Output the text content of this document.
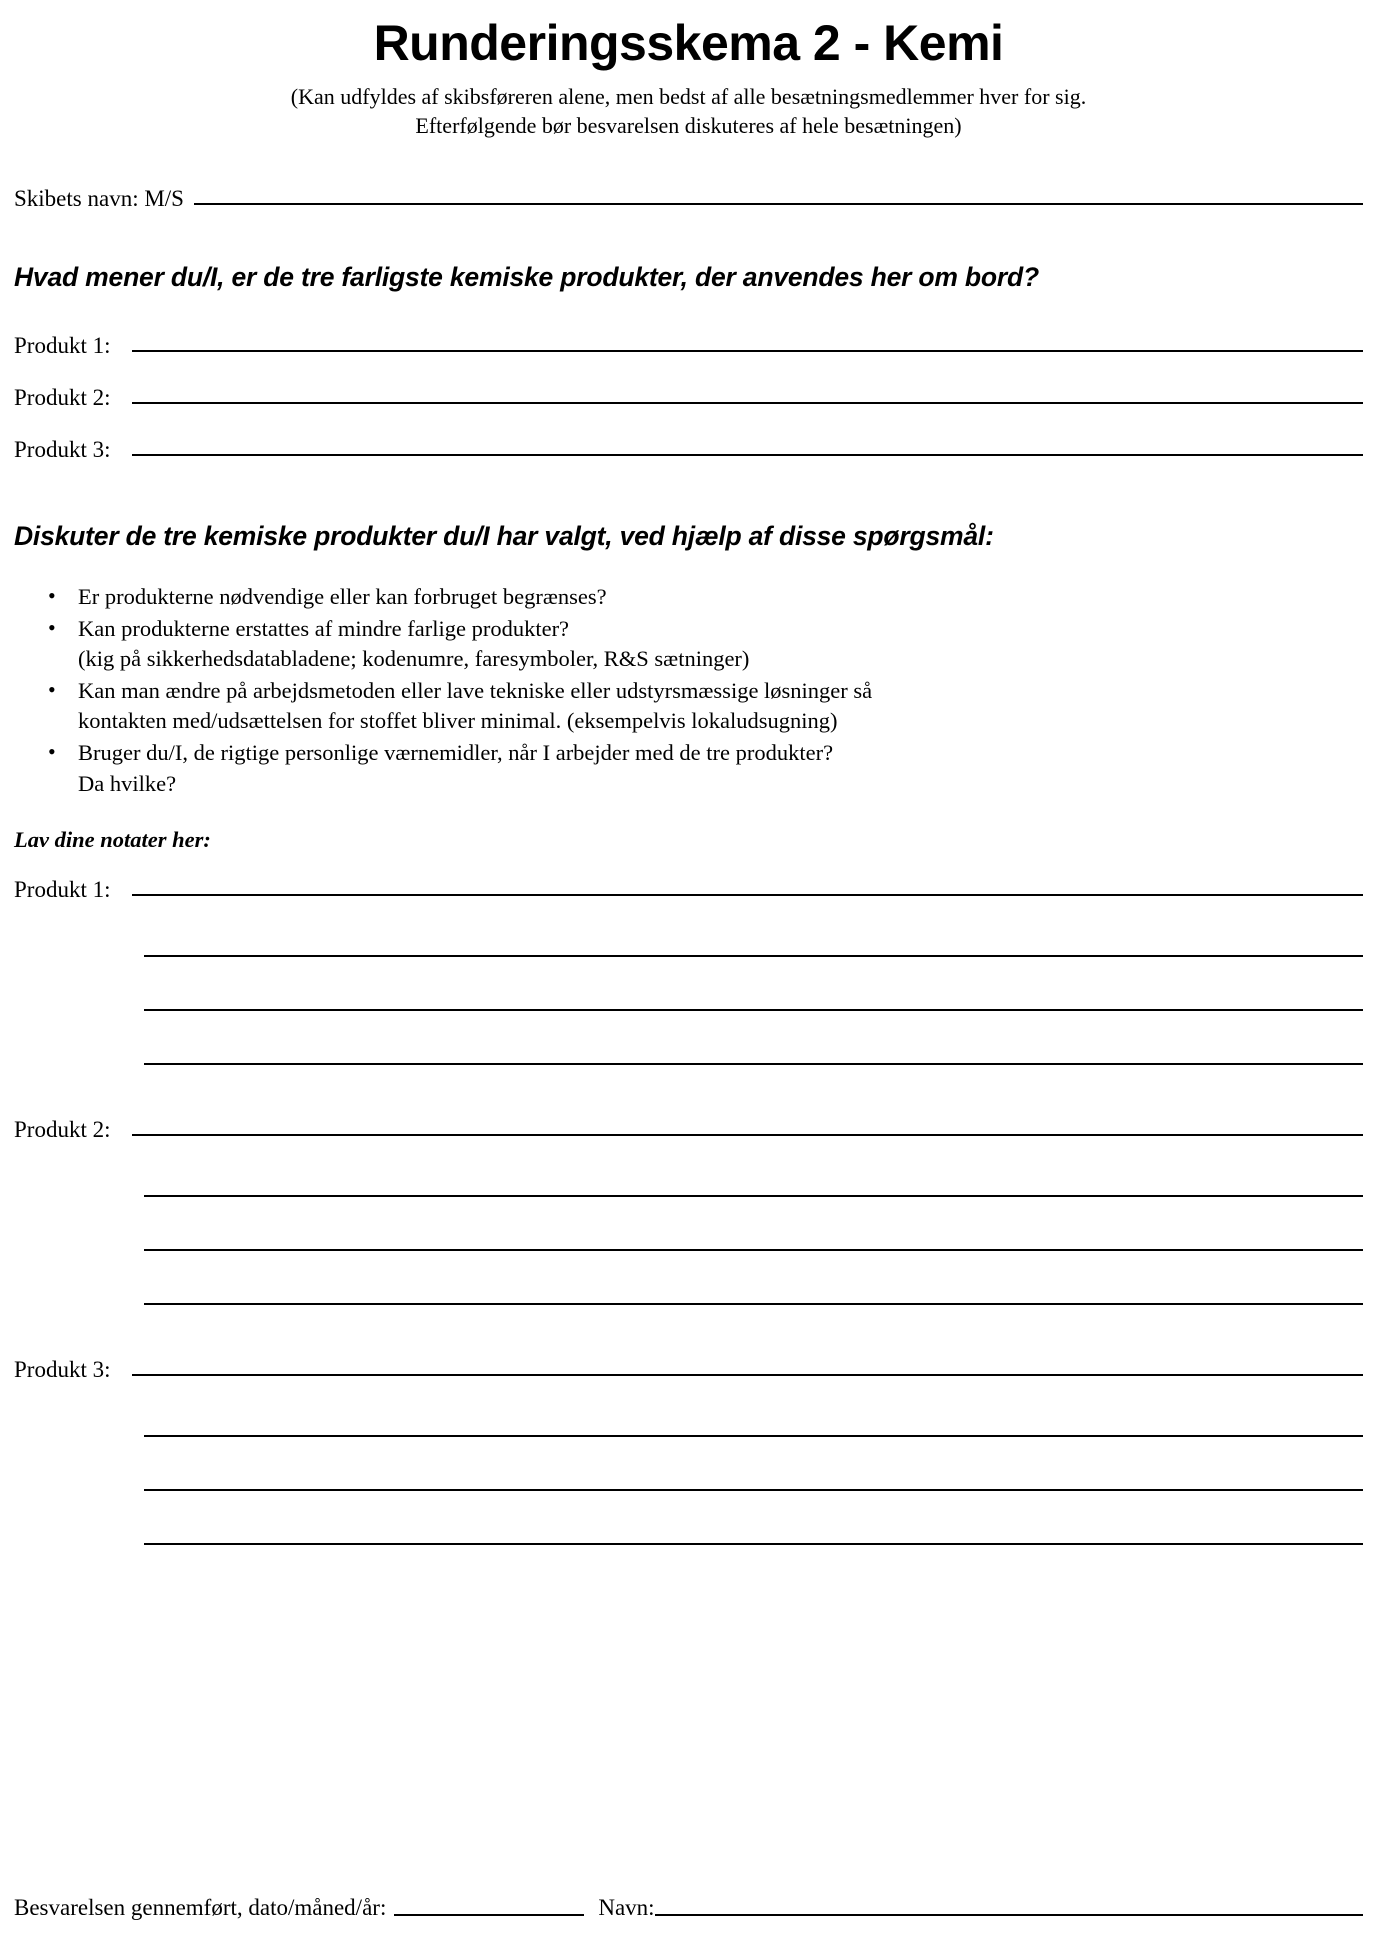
Runderingsskema 2 - Kemi
(Kan udfyldes af skibsføreren alene, men bedst af alle besætningsmedlemmer hver for sig.
Efterfølgende bør besvarelsen diskuteres af hele besætningen)
Skibets navn: M/S
Hvad mener du/I, er de tre farligste kemiske produkter, der anvendes her om bord?
Produkt 1:
Produkt 2:
Produkt 3:
Diskuter de tre kemiske produkter du/I har valgt, ved hjælp af disse spørgsmål:
• Er produkterne nødvendige eller kan forbruget begrænses?
• Kan produkterne erstattes af mindre farlige produkter?
(kig på sikkerhedsdatabladene; kodenumre, faresymboler, R&S sætninger)
• Kan man ændre på arbejdsmetoden eller lave tekniske eller udstyrsmæssige løsninger så
kontakten med/udsættelsen for stoffet bliver minimal. (eksempelvis lokaludsugning)
• Bruger du/I, de rigtige personlige værnemidler, når I arbejder med de tre produkter?
Da hvilke?
Lav dine notater her:
Produkt 1:
Produkt 2:
Produkt 3:
Besvarelsen gennemført, dato/måned/år:	Navn:
